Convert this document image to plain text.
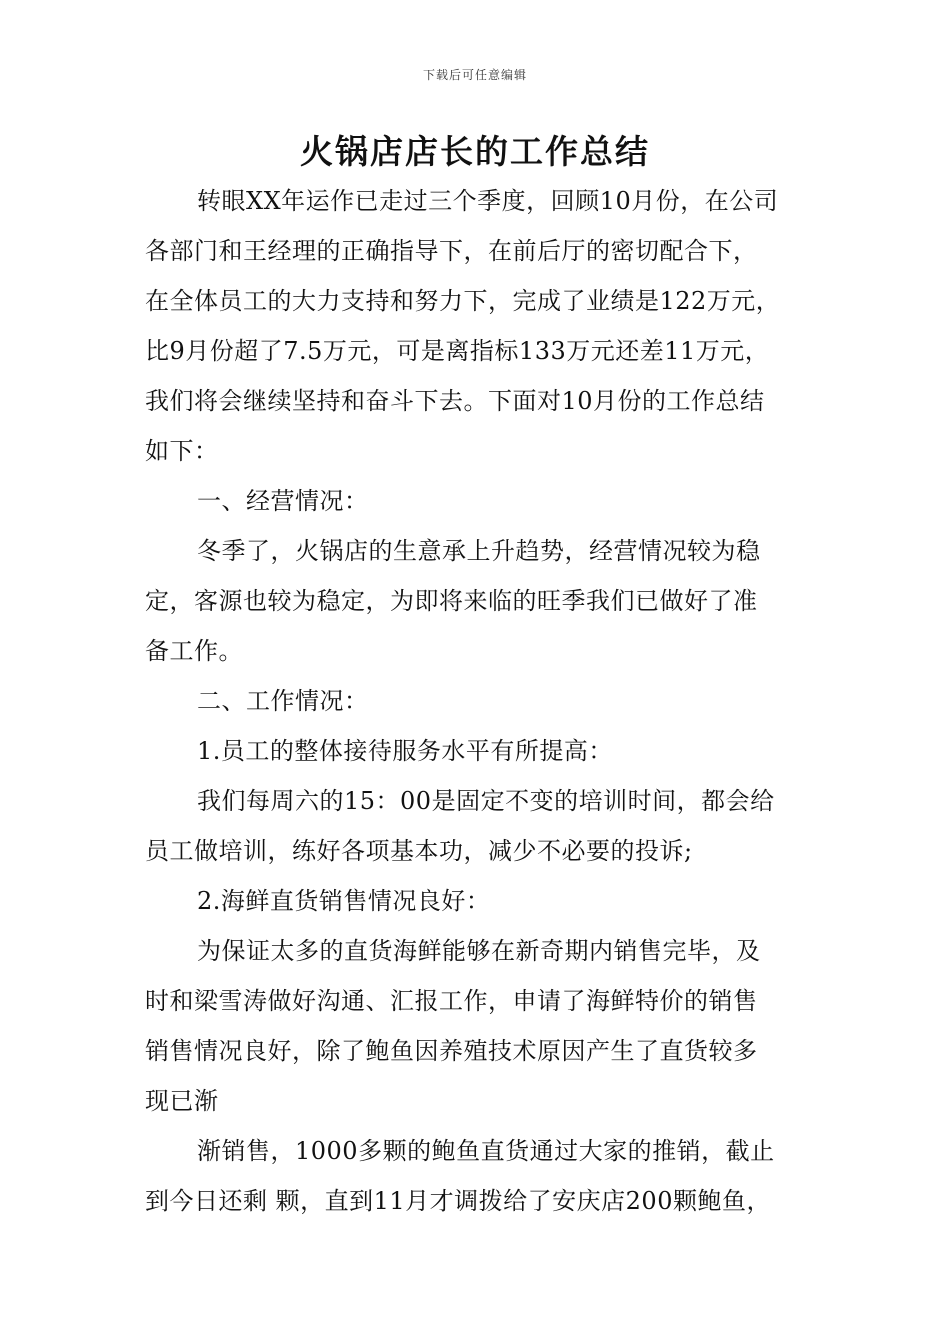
下载后可任意编辑
火锅店店长的工作总结
转眼XX年运作已走过三个季度，回顾10月份，在公司
各部门和王经理的正确指导下，在前后厅的密切配合下，
在全体员工的大力支持和努力下，完成了业绩是122万元，
比9月份超了7.5万元，可是离指标133万元还差11万元，
我们将会继续坚持和奋斗下去。下面对10月份的工作总结
如下：
一、经营情况：
冬季了，火锅店的生意承上升趋势，经营情况较为稳
定，客源也较为稳定，为即将来临的旺季我们已做好了准
备工作。
二、工作情况：
1.员工的整体接待服务水平有所提高：
我们每周六的15：00是固定不变的培训时间，都会给
员工做培训，练好各项基本功，减少不必要的投诉;
2.海鲜直货销售情况良好：
为保证太多的直货海鲜能够在新奇期内销售完毕，及
时和梁雪涛做好沟通、汇报工作，申请了海鲜特价的销售
销售情况良好，除了鲍鱼因养殖技术原因产生了直货较多
现已渐
渐销售，1000多颗的鲍鱼直货通过大家的推销，截止
到今日还剩 颗，直到11月才调拨给了安庆店200颗鲍鱼，
